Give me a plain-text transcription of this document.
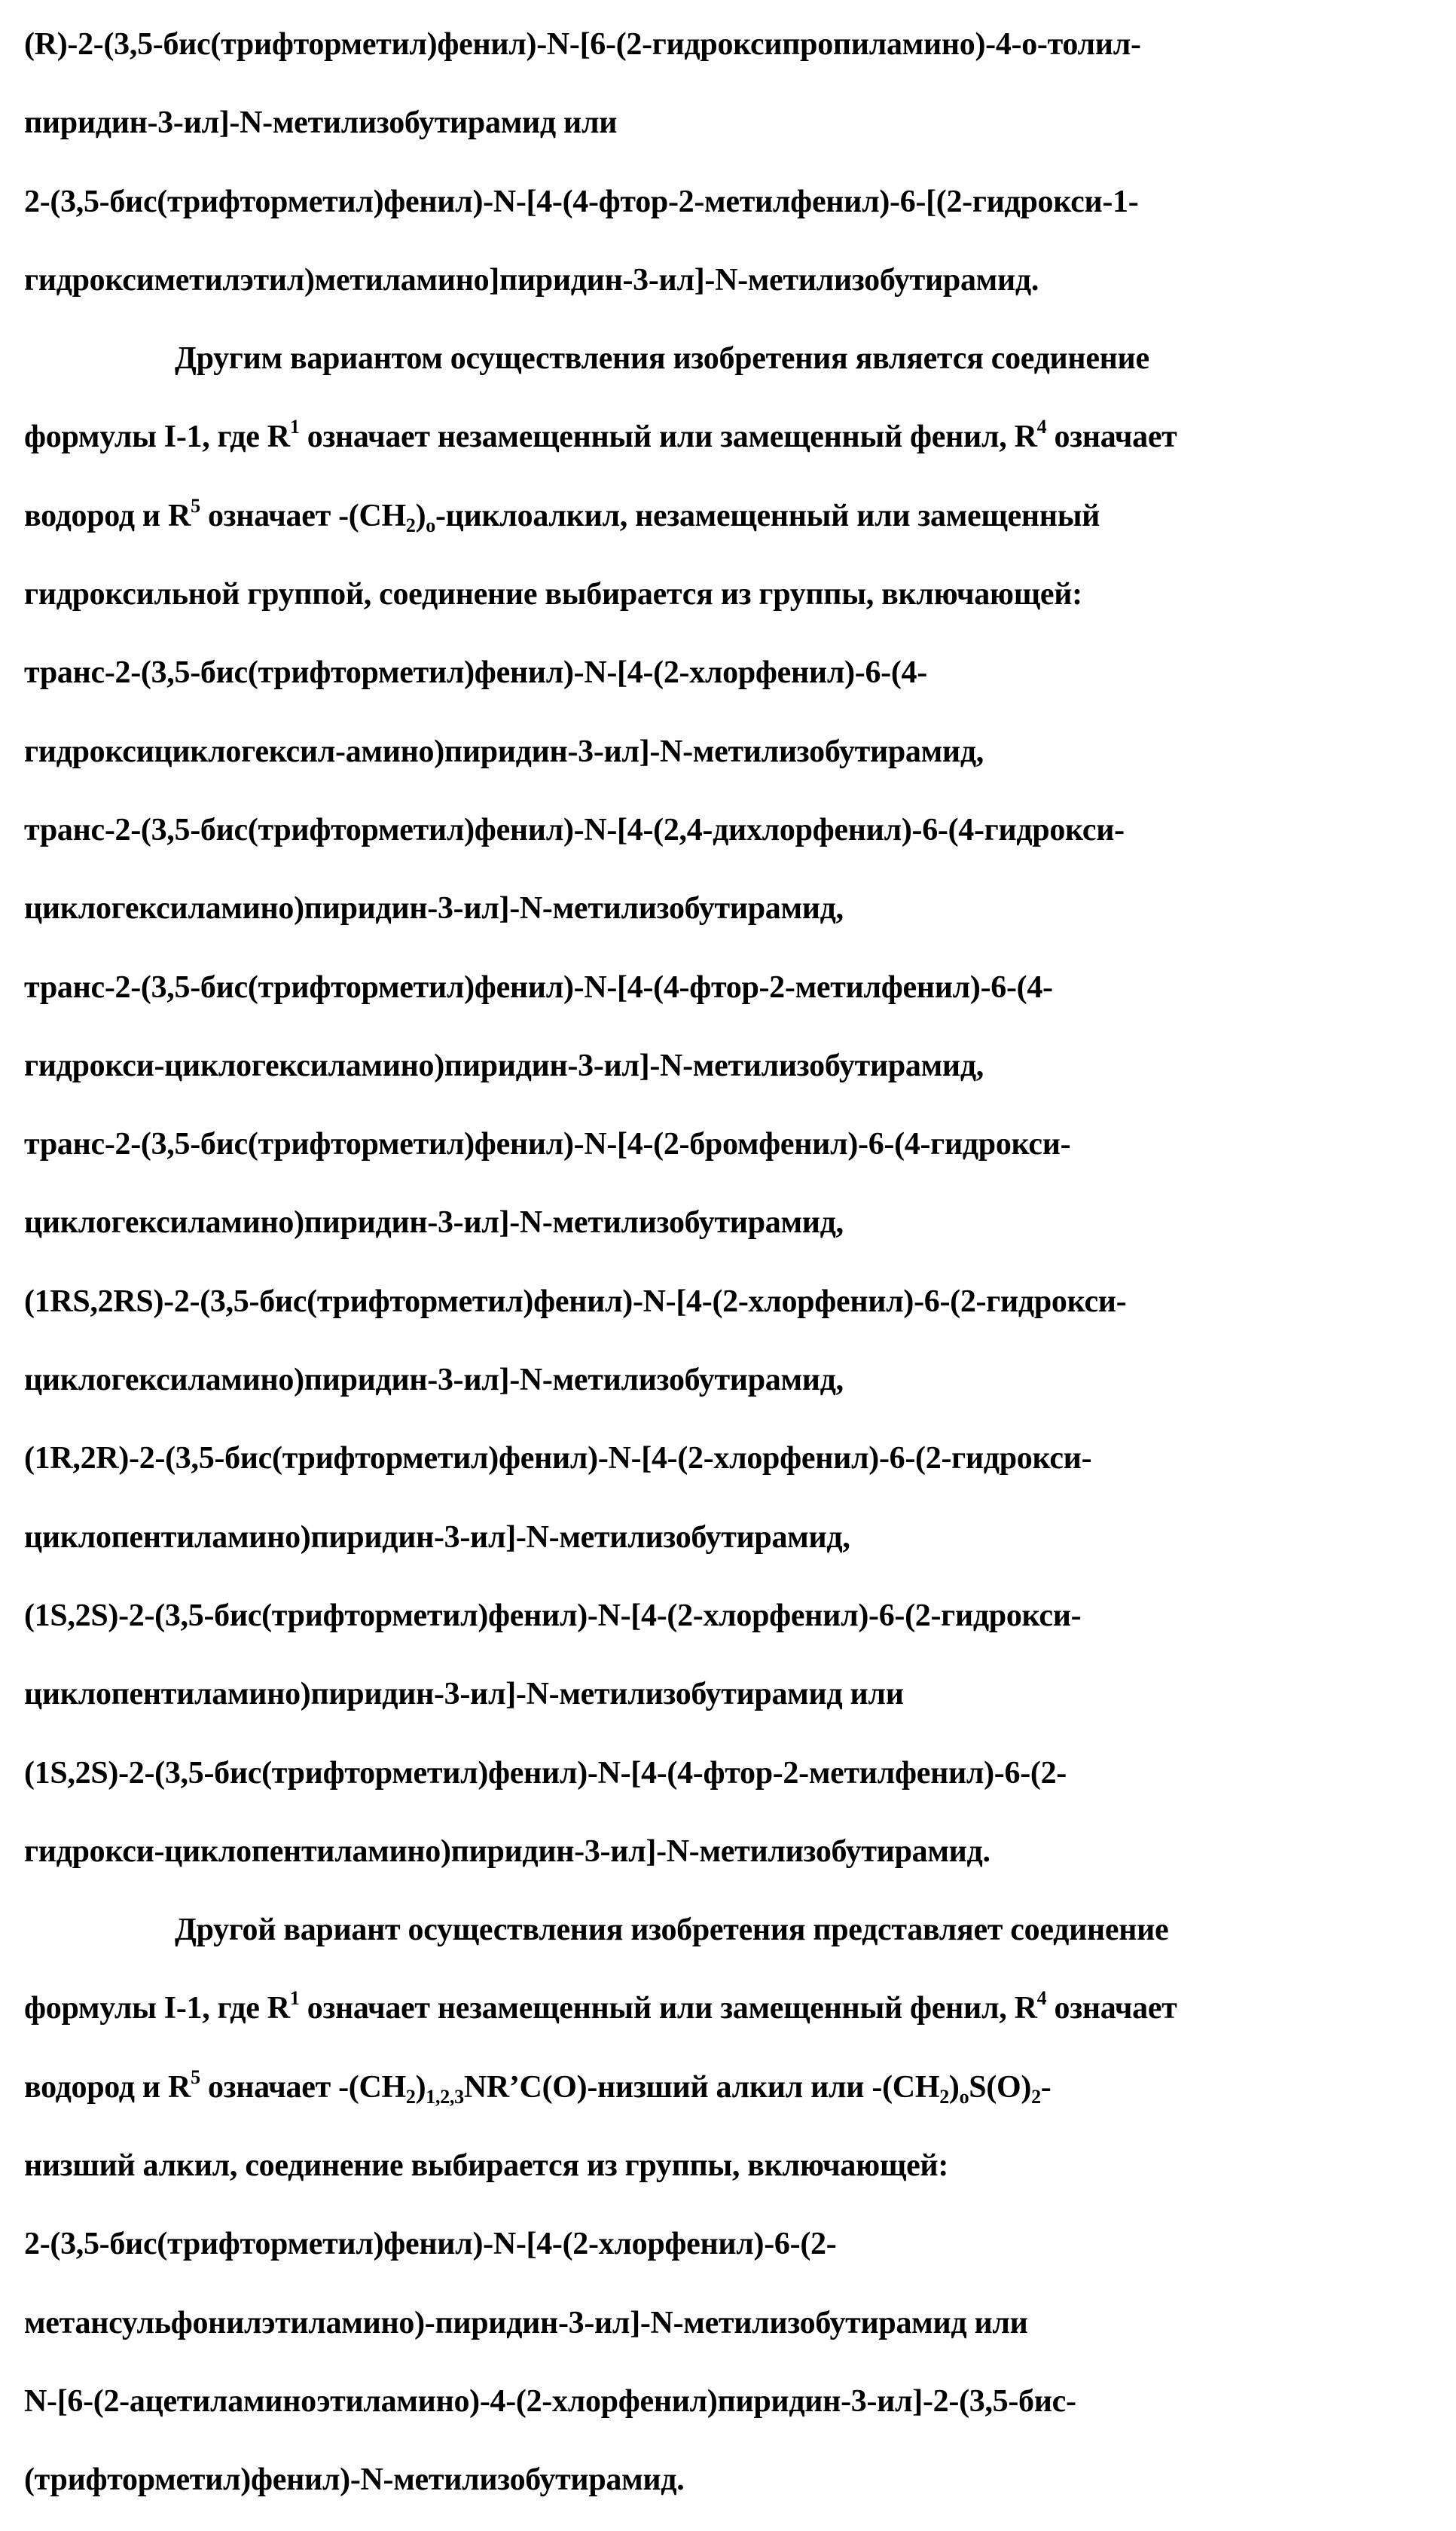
(R)-2-(3,5-бис(трифторметил)фенил)-N-[6-(2-гидроксипропиламино)-4-о-толил-
пиридин-3-ил]-N-метилизобутирамид или
2-(3,5-бис(трифторметил)фенил)-N-[4-(4-фтор-2-метилфенил)-6-[(2-гидрокси-1-
гидроксиметилэтил)метиламино]пиридин-3-ил]-N-метилизобутирамид.
Другим вариантом осуществления изобретения является соединение
формулы I-1, где R1 означает незамещенный или замещенный фенил, R4 означает
водород и R5 означает -(CH2)o-циклоалкил, незамещенный или замещенный
гидроксильной группой, соединение выбирается из группы, включающей:
транс-2-(3,5-бис(трифторметил)фенил)-N-[4-(2-хлорфенил)-6-(4-
гидроксициклогексил-амино)пиридин-3-ил]-N-метилизобутирамид,
транс-2-(3,5-бис(трифторметил)фенил)-N-[4-(2,4-дихлорфенил)-6-(4-гидрокси-
циклогексиламино)пиридин-3-ил]-N-метилизобутирамид,
транс-2-(3,5-бис(трифторметил)фенил)-N-[4-(4-фтор-2-метилфенил)-6-(4-
гидрокси-циклогексиламино)пиридин-3-ил]-N-метилизобутирамид,
транс-2-(3,5-бис(трифторметил)фенил)-N-[4-(2-бромфенил)-6-(4-гидрокси-
циклогексиламино)пиридин-3-ил]-N-метилизобутирамид,
(1RS,2RS)-2-(3,5-бис(трифторметил)фенил)-N-[4-(2-хлорфенил)-6-(2-гидрокси-
циклогексиламино)пиридин-3-ил]-N-метилизобутирамид,
(1R,2R)-2-(3,5-бис(трифторметил)фенил)-N-[4-(2-хлорфенил)-6-(2-гидрокси-
циклопентиламино)пиридин-3-ил]-N-метилизобутирамид,
(1S,2S)-2-(3,5-бис(трифторметил)фенил)-N-[4-(2-хлорфенил)-6-(2-гидрокси-
циклопентиламино)пиридин-3-ил]-N-метилизобутирамид или
(1S,2S)-2-(3,5-бис(трифторметил)фенил)-N-[4-(4-фтор-2-метилфенил)-6-(2-
гидрокси-циклопентиламино)пиридин-3-ил]-N-метилизобутирамид.
Другой вариант осуществления изобретения представляет соединение
формулы I-1, где R1 означает незамещенный или замещенный фенил, R4 означает
водород и R5 означает -(CH2)1,2,3NR’C(O)-низший алкил или -(CH2)oS(O)2-
низший алкил, соединение выбирается из группы, включающей:
2-(3,5-бис(трифторметил)фенил)-N-[4-(2-хлорфенил)-6-(2-
метансульфонилэтиламино)-пиридин-3-ил]-N-метилизобутирамид или
N-[6-(2-ацетиламиноэтиламино)-4-(2-хлорфенил)пиридин-3-ил]-2-(3,5-бис-
(трифторметил)фенил)-N-метилизобутирамид.
